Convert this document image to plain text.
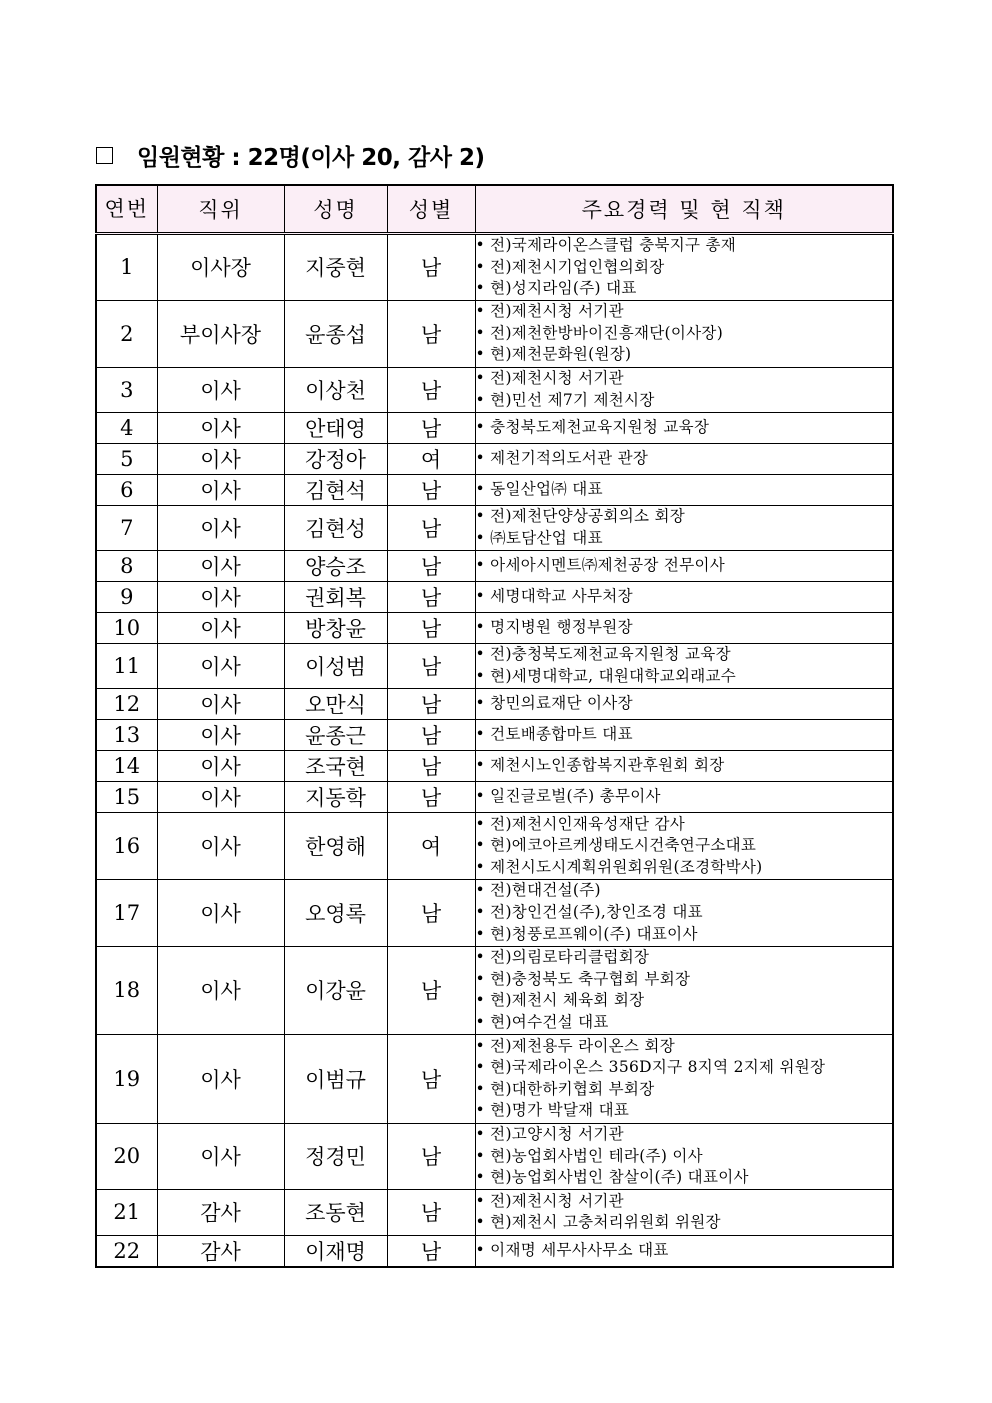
임원현황 : 22명 (이사 20, 감사 2)
연번	직위	성명	성별	주요경력 및 현 직책
1	이사장	지중현	남	• 전)국제라이온스클럽 충북지구 총재
• 전)제천시기업인협의회장
• 현)성지라임(주) 대표

2	부이사장	윤종섭	남	• 전)제천시청 서기관
• 전)제천한방바이진흥재단(이사장)
• 현)제천문화원(원장)

3	이사	이상천	남	• 전)제천시청 서기관
• 현)민선 제7기 제천시장

4	이사	안태영	남	• 충청북도제천교육지원청 교육장

5	이사	강정아	여	• 제천기적의도서관 관장

6	이사	김현석	남	• 동일산업㈜ 대표

7	이사	김현성	남	• 전)제천단양상공회의소 회장
• ㈜토담산업 대표

8	이사	양승조	남	• 아세아시멘트㈜제천공장 전무이사

9	이사	권회복	남	• 세명대학교 사무처장

10	이사	방창윤	남	• 명지병원 행정부원장

11	이사	이성범	남	• 전)충청북도제천교육지원청 교육장
• 현)세명대학교, 대원대학교외래교수

12	이사	오만식	남	• 창민의료재단 이사장

13	이사	윤종근	남	• 건토배종합마트 대표

14	이사	조국현	남	• 제천시노인종합복지관후원회 회장

15	이사	지동학	남	• 일진글로벌(주) 총무이사

16	이사	한영해	여	• 전)제천시인재육성재단 감사
• 현)에코아르케생태도시건축연구소대표
• 제천시도시계획위원회위원(조경학박사)

17	이사	오영록	남	• 전)현대건설(주)
• 전)창인건설(주),창인조경 대표
• 현)청풍로프웨이(주) 대표이사

18	이사	이강윤	남	• 전)의림로타리클럽회장
• 현)충청북도 축구협회 부회장
• 현)제천시 체육회 회장
• 현)여수건설 대표

19	이사	이범규	남	• 전)제천용두 라이온스 회장
• 현)국제라이온스 356D지구 8지역 2지제 위원장
• 현)대한하키협회 부회장
• 현)명가 박달재 대표

20	이사	정경민	남	• 전)고양시청 서기관
• 현)농업회사법인 테라(주) 이사
• 현)농업회사법인 참살이(주) 대표이사

21	감사	조동현	남	• 전)제천시청 서기관
• 현)제천시 고충처리위원회 위원장

22	감사	이재명	남	• 이재명 세무사사무소 대표
